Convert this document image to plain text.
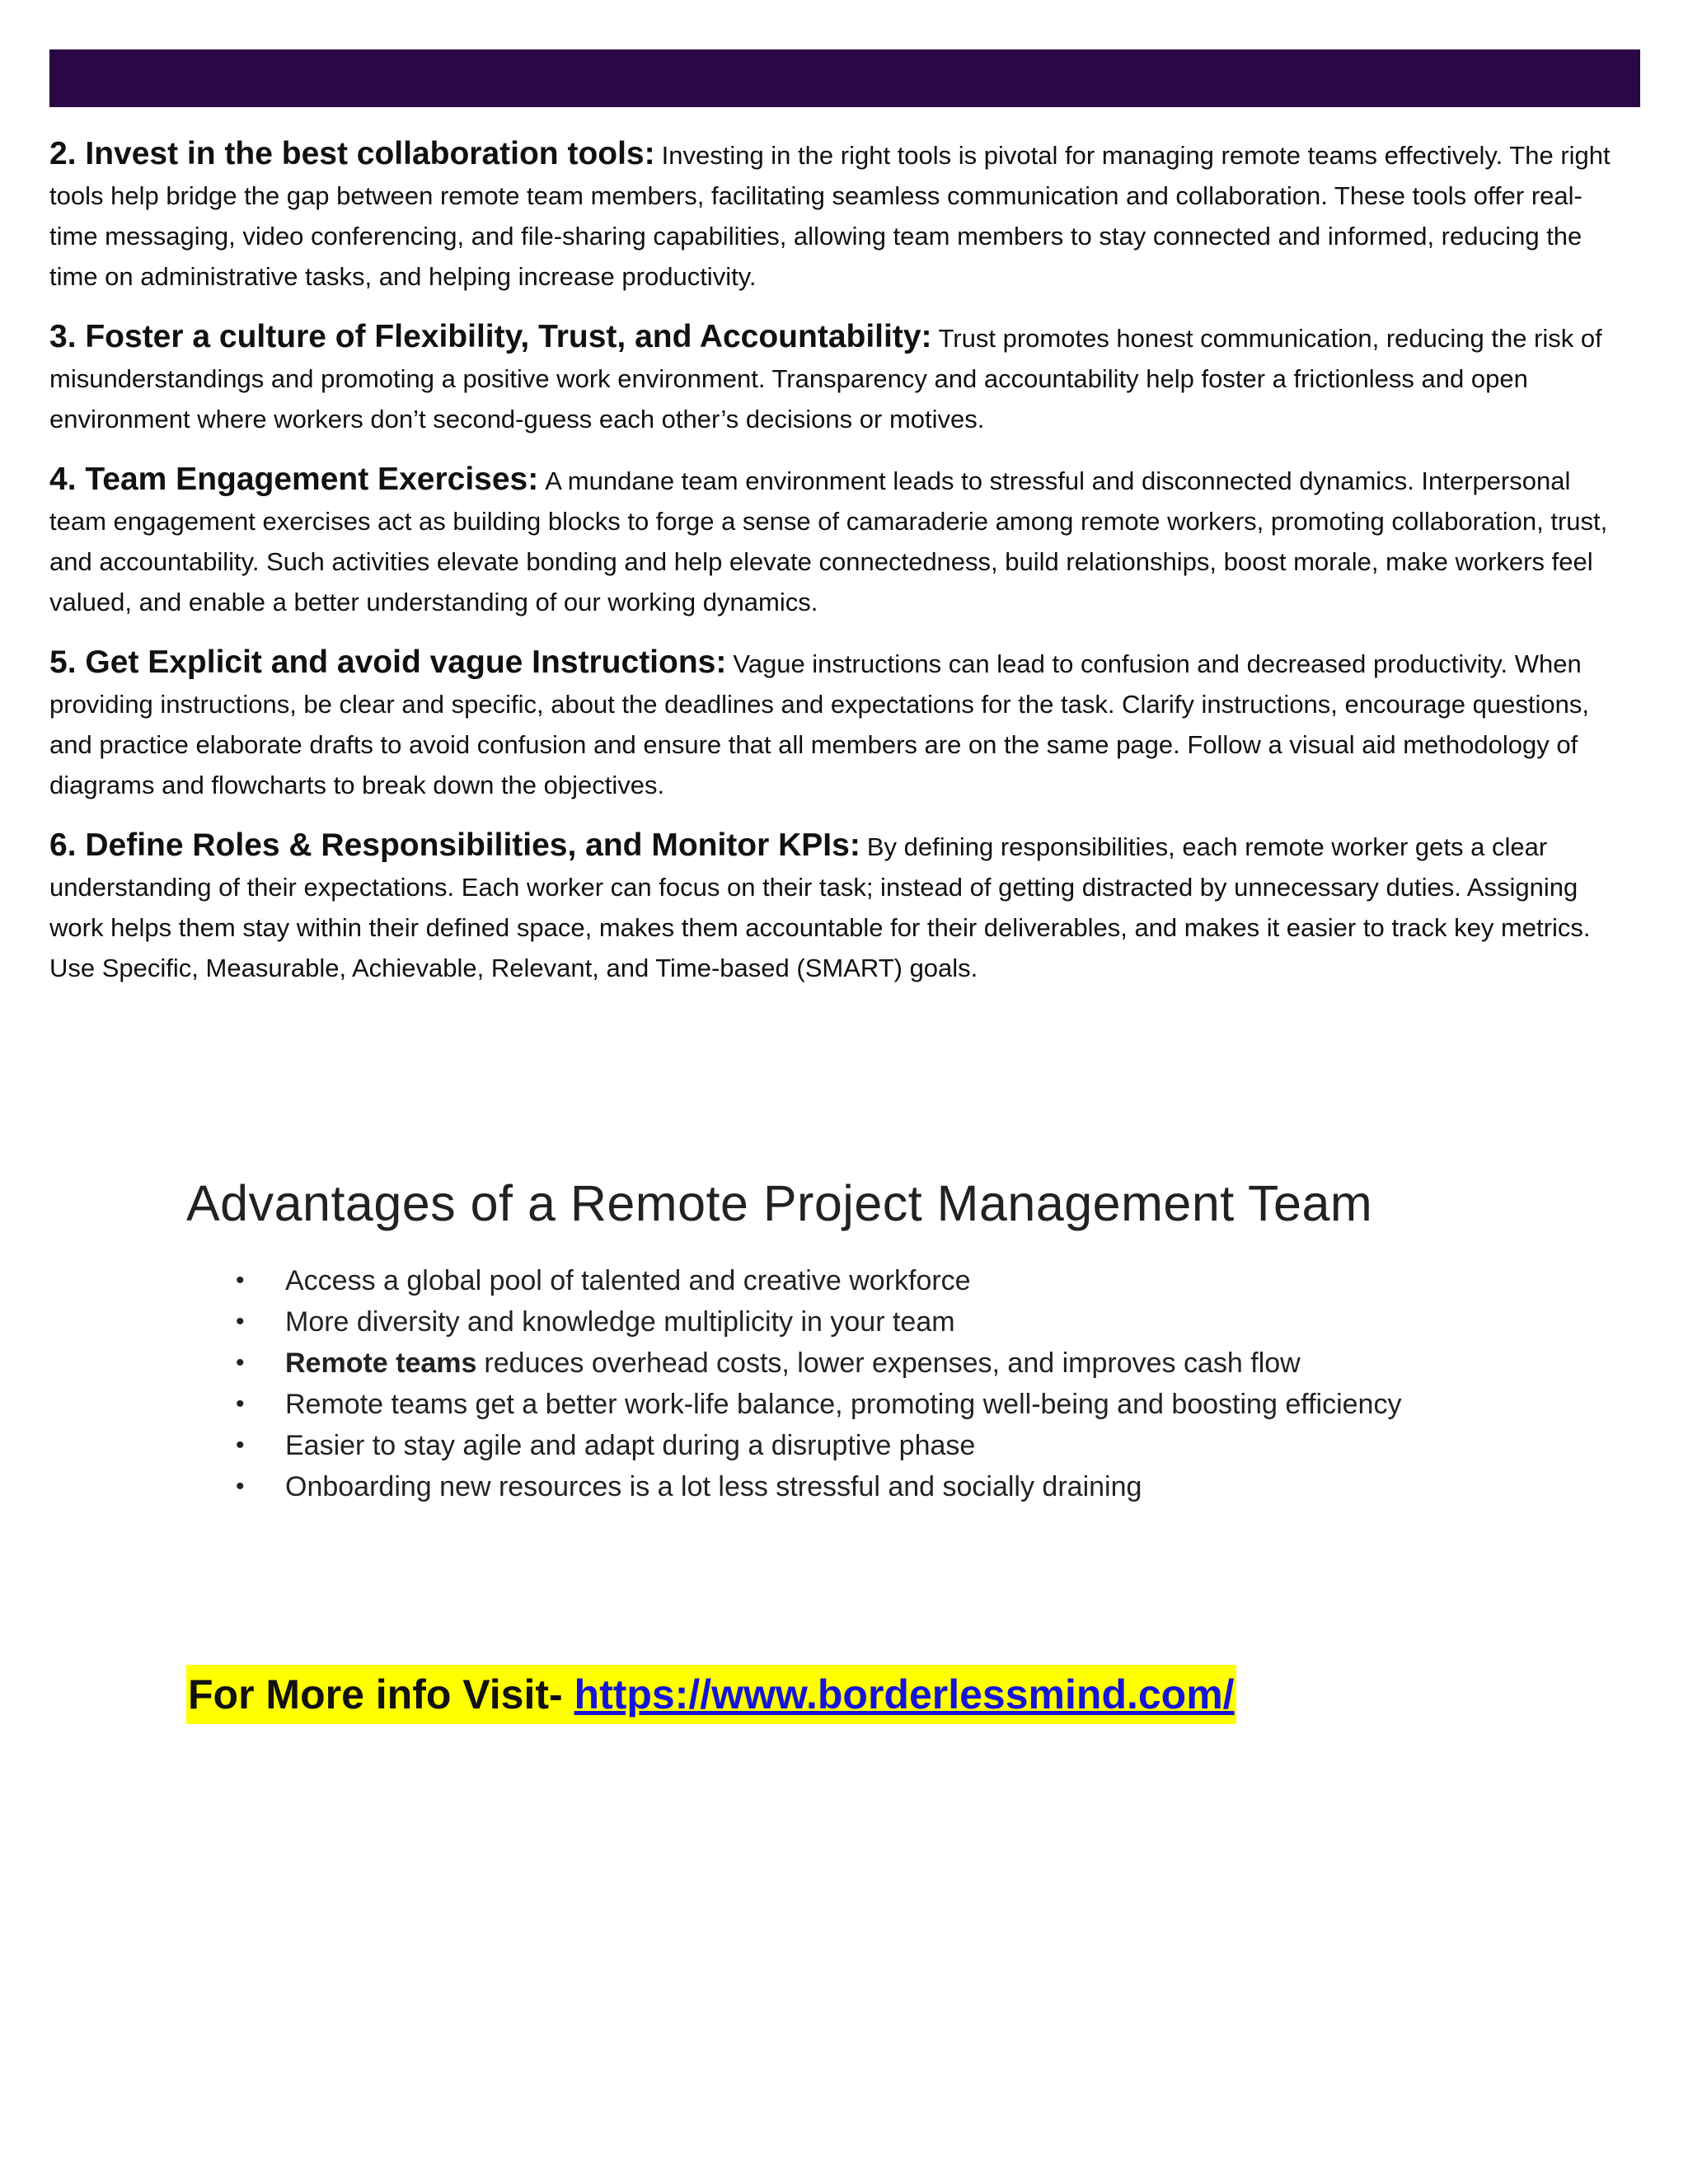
2. Invest in the best collaboration tools: Investing in the right tools is pivotal for managing remote teams effectively. The right tools help bridge the gap between remote team members, facilitating seamless communication and collaboration. These tools offer real-time messaging, video conferencing, and file-sharing capabilities, allowing team members to stay connected and informed, reducing the time on administrative tasks, and helping increase productivity.

3. Foster a culture of Flexibility, Trust, and Accountability: Trust promotes honest communication, reducing the risk of misunderstandings and promoting a positive work environment. Transparency and accountability help foster a frictionless and open environment where workers don’t second-guess each other’s decisions or motives.

4. Team Engagement Exercises: A mundane team environment leads to stressful and disconnected dynamics. Interpersonal team engagement exercises act as building blocks to forge a sense of camaraderie among remote workers, promoting collaboration, trust, and accountability. Such activities elevate bonding and help elevate connectedness, build relationships, boost morale, make workers feel valued, and enable a better understanding of our working dynamics.

5. Get Explicit and avoid vague Instructions: Vague instructions can lead to confusion and decreased productivity. When providing instructions, be clear and specific, about the deadlines and expectations for the task. Clarify instructions, encourage questions, and practice elaborate drafts to avoid confusion and ensure that all members are on the same page. Follow a visual aid methodology of diagrams and flowcharts to break down the objectives.

6. Define Roles & Responsibilities, and Monitor KPIs: By defining responsibilities, each remote worker gets a clear understanding of their expectations. Each worker can focus on their task; instead of getting distracted by unnecessary duties. Assigning work helps them stay within their defined space, makes them accountable for their deliverables, and makes it easier to track key metrics. Use Specific, Measurable, Achievable, Relevant, and Time-based (SMART) goals.

Advantages of a Remote Project Management Team
• Access a global pool of talented and creative workforce
• More diversity and knowledge multiplicity in your team
• Remote teams reduces overhead costs, lower expenses, and improves cash flow
• Remote teams get a better work-life balance, promoting well-being and boosting efficiency
• Easier to stay agile and adapt during a disruptive phase
• Onboarding new resources is a lot less stressful and socially draining
For More info Visit- https://www.borderlessmind.com/
